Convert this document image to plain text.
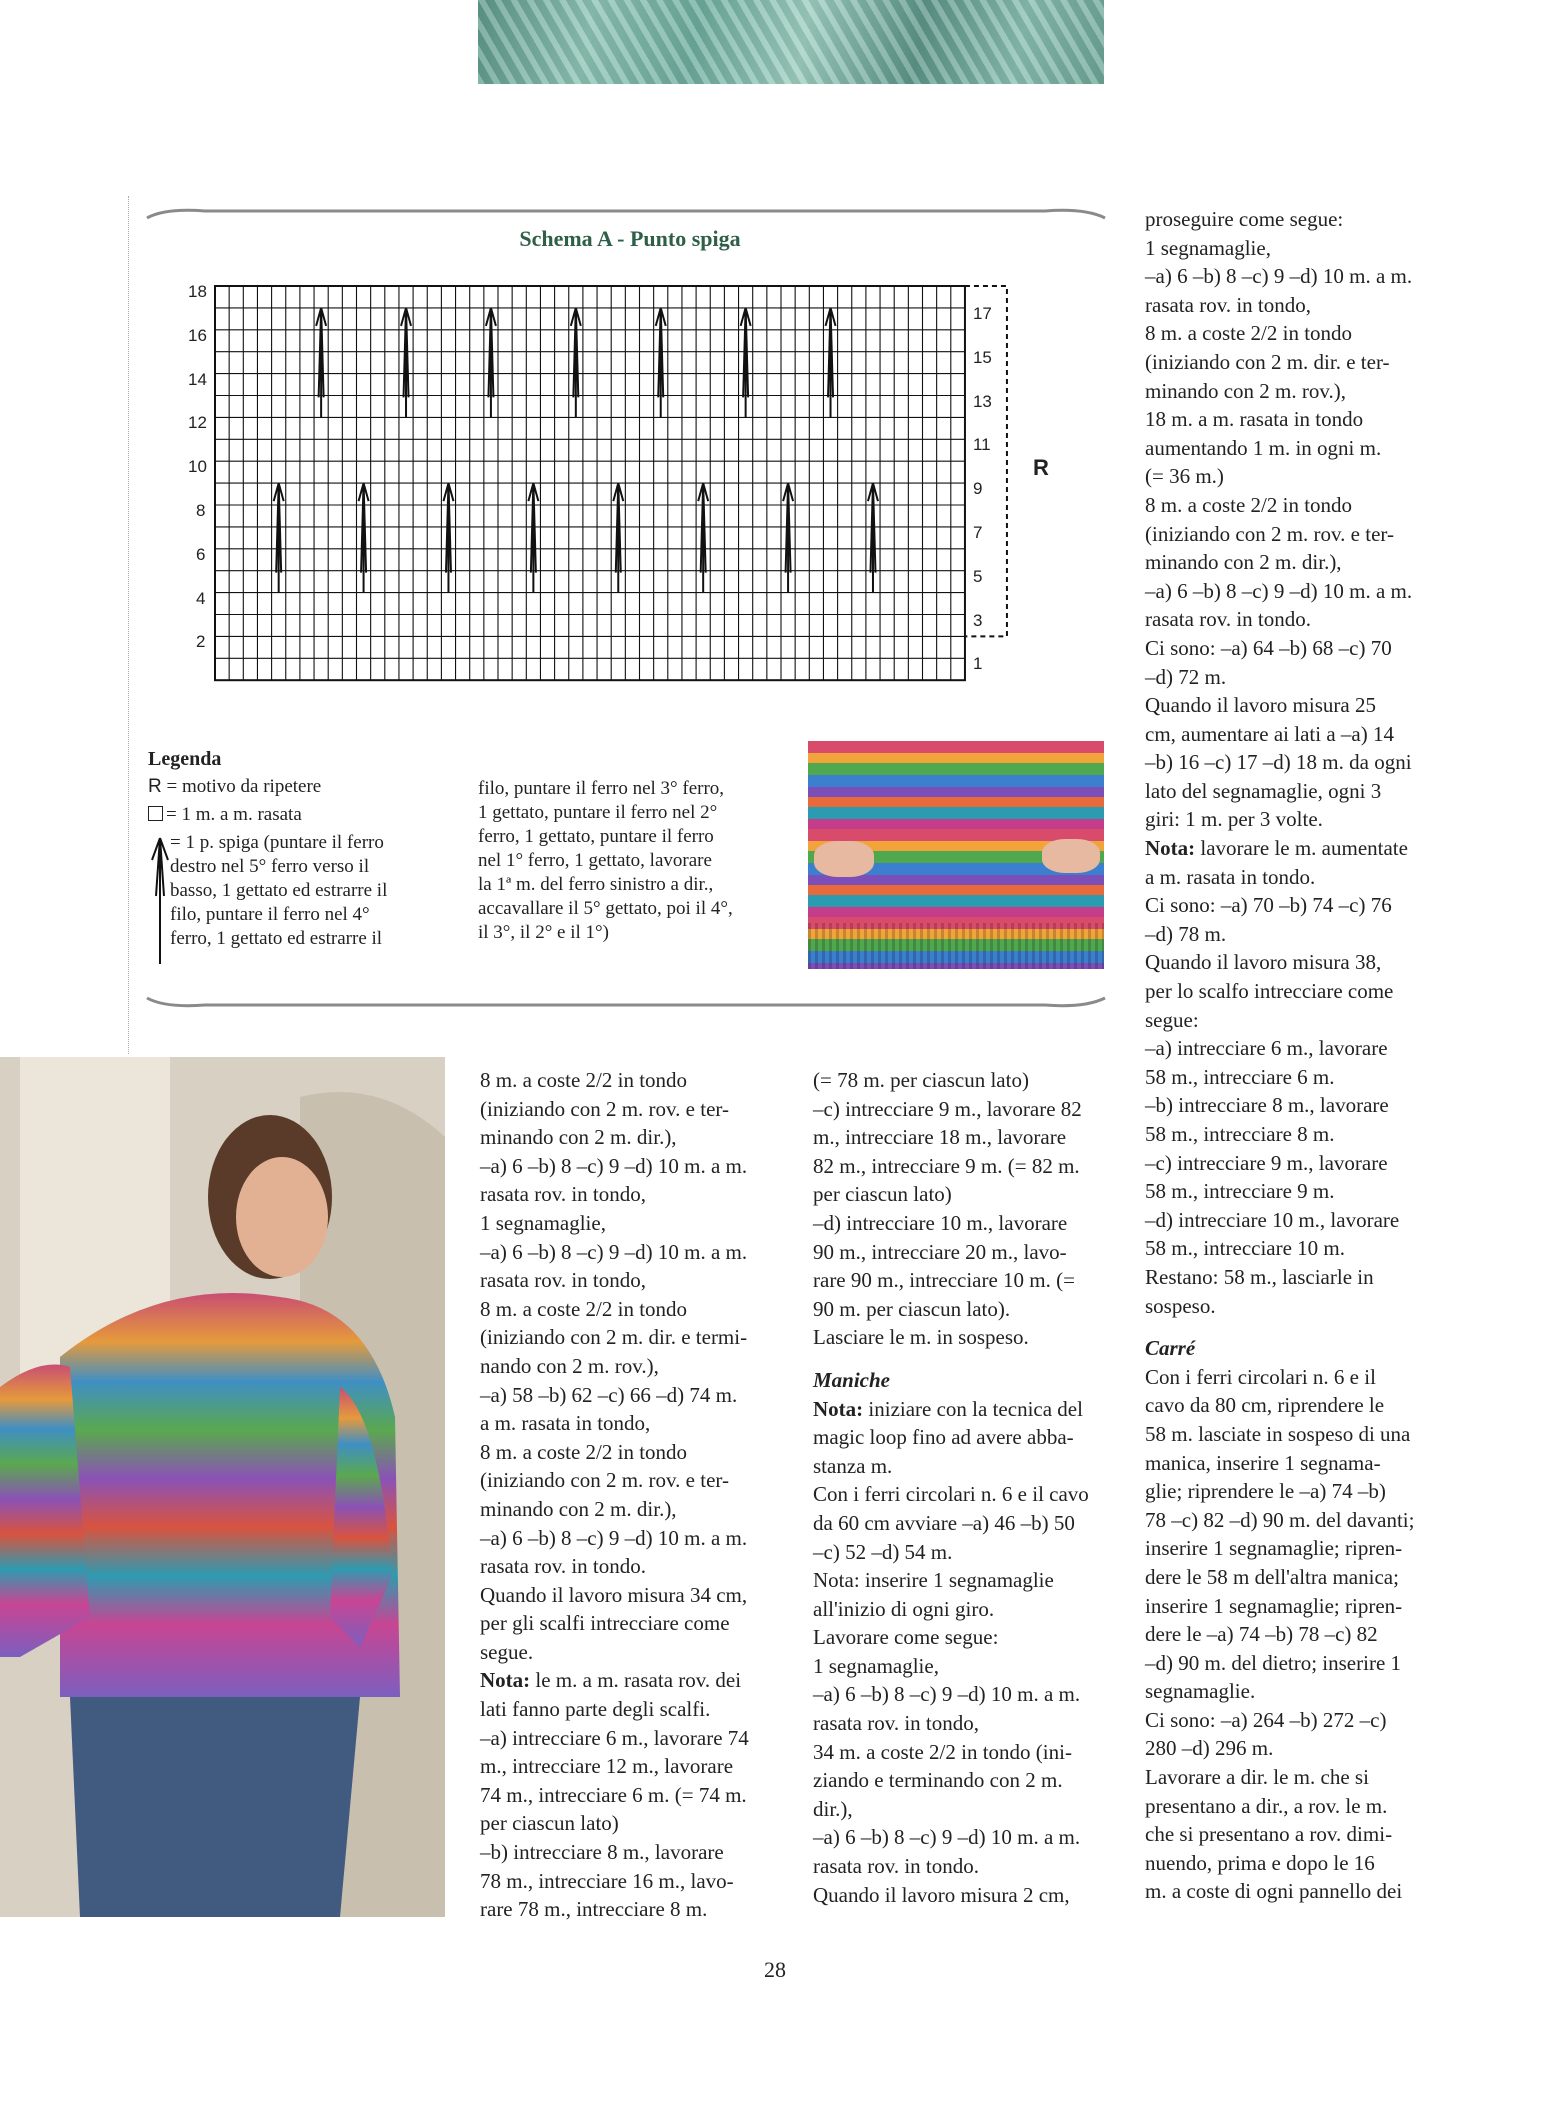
Schema A - Punto spiga
18
16
14
12
10
8
6
4
2
17
15
13
11
9
7
5
3
1
R
Legenda
R = motivo da ripetere
= 1 m. a m. rasata
= 1 p. spiga (puntare il ferro
destro nel 5° ferro verso il
basso, 1 gettato ed estrarre il
filo, puntare il ferro nel 4°
ferro, 1 gettato ed estrarre il
filo, puntare il ferro nel 3° ferro,
1 gettato, puntare il ferro nel 2°
ferro, 1 gettato, puntare il ferro
nel 1° ferro, 1 gettato, lavorare
la 1ª m. del ferro sinistro a dir.,
accavallare il 5° gettato, poi il 4°,
il 3°, il 2° e il 1°)

8 m. a coste 2/2 in tondo

(iniziando con 2 m. rov. e ter-

minando con 2 m. dir.),

–a) 6 –b) 8 –c) 9 –d) 10 m. a m.

rasata rov. in tondo,

1 segnamaglie,

–a) 6 –b) 8 –c) 9 –d) 10 m. a m.

rasata rov. in tondo,

8 m. a coste 2/2 in tondo

(iniziando con 2 m. dir. e termi-

nando con 2 m. rov.),

–a) 58 –b) 62 –c) 66 –d) 74 m.

a m. rasata in tondo,

8 m. a coste 2/2 in tondo

(iniziando con 2 m. rov. e ter-

minando con 2 m. dir.),

–a) 6 –b) 8 –c) 9 –d) 10 m. a m.

rasata rov. in tondo.

Quando il lavoro misura 34 cm,

per gli scalfi intrecciare come

segue.

Nota: le m. a m. rasata rov. dei

lati fanno parte degli scalfi.

–a) intrecciare 6 m., lavorare 74

m., intrecciare 12 m., lavorare

74 m., intrecciare 6 m. (= 74 m.

per ciascun lato)

–b) intrecciare 8 m., lavorare

78 m., intrecciare 16 m., lavo-

rare 78 m., intrecciare 8 m.

(= 78 m. per ciascun lato)

–c) intrecciare 9 m., lavorare 82

m., intrecciare 18 m., lavorare

82 m., intrecciare 9 m. (= 82 m.

per ciascun lato)

–d) intrecciare 10 m., lavorare

90 m., intrecciare 20 m., lavo-

rare 90 m., intrecciare 10 m. (=

90 m. per ciascun lato).

Lasciare le m. in sospeso.

Maniche

Nota: iniziare con la tecnica del

magic loop fino ad avere abba-

stanza m.

Con i ferri circolari n. 6 e il cavo

da 60 cm avviare –a) 46 –b) 50

–c) 52 –d) 54 m.

Nota: inserire 1 segnamaglie

all'inizio di ogni giro.

Lavorare come segue:

1 segnamaglie,

–a) 6 –b) 8 –c) 9 –d) 10 m. a m.

rasata rov. in tondo,

34 m. a coste 2/2 in tondo (ini-

ziando e terminando con 2 m.

dir.),

–a) 6 –b) 8 –c) 9 –d) 10 m. a m.

rasata rov. in tondo.

Quando il lavoro misura 2 cm,

proseguire come segue:

1 segnamaglie,

–a) 6 –b) 8 –c) 9 –d) 10 m. a m.

rasata rov. in tondo,

8 m. a coste 2/2 in tondo

(iniziando con 2 m. dir. e ter-

minando con 2 m. rov.),

18 m. a m. rasata in tondo

aumentando 1 m. in ogni m.

(= 36 m.)

8 m. a coste 2/2 in tondo

(iniziando con 2 m. rov. e ter-

minando con 2 m. dir.),

–a) 6 –b) 8 –c) 9 –d) 10 m. a m.

rasata rov. in tondo.

Ci sono: –a) 64 –b) 68 –c) 70

–d) 72 m.

Quando il lavoro misura 25

cm, aumentare ai lati a –a) 14

–b) 16 –c) 17 –d) 18 m. da ogni

lato del segnamaglie, ogni 3

giri: 1 m. per 3 volte.

Nota: lavorare le m. aumentate

a m. rasata in tondo.

Ci sono: –a) 70 –b) 74 –c) 76

–d) 78 m.

Quando il lavoro misura 38,

per lo scalfo intrecciare come

segue:

–a) intrecciare 6 m., lavorare

58 m., intrecciare 6 m.

–b) intrecciare 8 m., lavorare

58 m., intrecciare 8 m.

–c) intrecciare 9 m., lavorare

58 m., intrecciare 9 m.

–d) intrecciare 10 m., lavorare

58 m., intrecciare 10 m.

Restano: 58 m., lasciarle in

sospeso.

Carré

Con i ferri circolari n. 6 e il

cavo da 80 cm, riprendere le

58 m. lasciate in sospeso di una

manica, inserire 1 segnama-

glie; riprendere le –a) 74 –b)

78 –c) 82 –d) 90 m. del davanti;

inserire 1 segnamaglie; ripren-

dere le 58 m dell'altra manica;

inserire 1 segnamaglie; ripren-

dere le –a) 74 –b) 78 –c) 82

–d) 90 m. del dietro; inserire 1

segnamaglie.

Ci sono: –a) 264 –b) 272 –c)

280 –d) 296 m.

Lavorare a dir. le m. che si

presentano a dir., a rov. le m.

che si presentano a rov. dimi-

nuendo, prima e dopo le 16

m. a coste di ogni pannello dei

28
